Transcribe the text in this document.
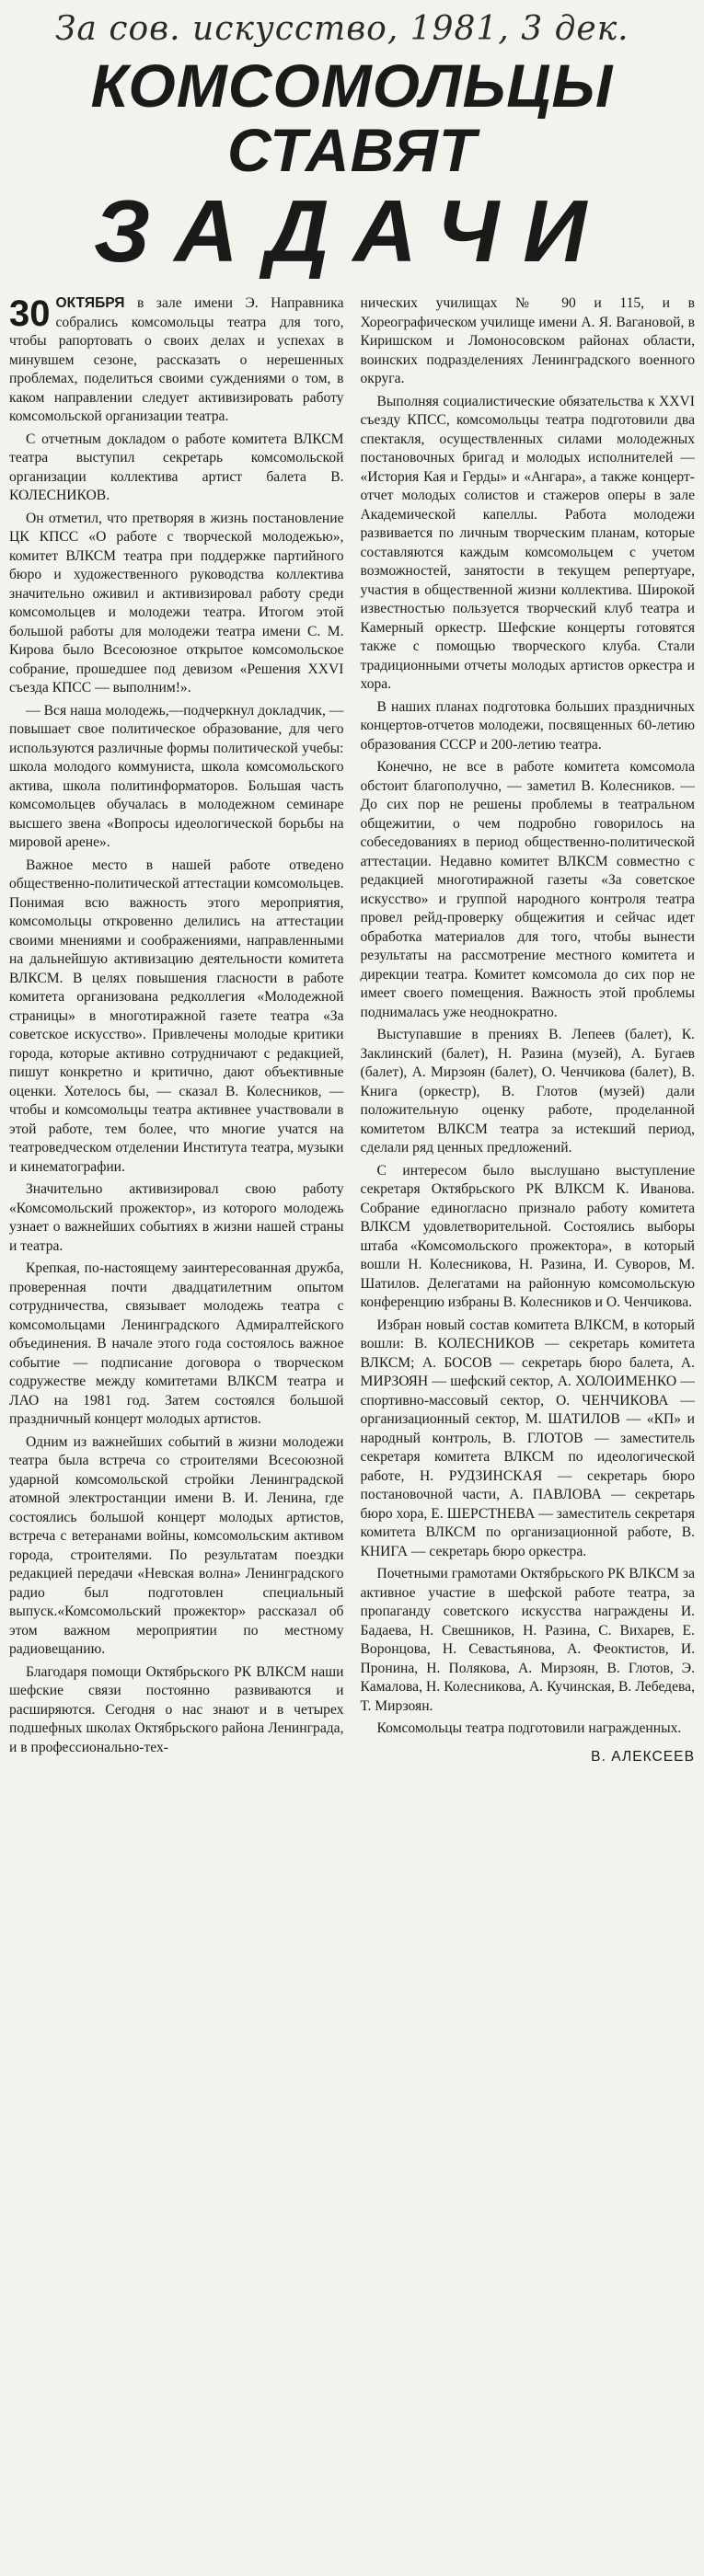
За сов. искусство, 1981, 3 дек.
КОМСОМОЛЬЦЫ СТАВЯТ
ЗАДАЧИ

30 ОКТЯБРЯ в зале имени Э. Направника собрались комсомольцы театра для того, чтобы рапортовать о своих делах и успехах в минувшем сезоне, рассказать о нерешенных проблемах, поделиться своими суждениями о том, в каком направлении следует активизировать работу комсомольской организации театра.

С отчетным докладом о работе комитета ВЛКСМ театра выступил секретарь комсомольской организации коллектива артист балета В. КОЛЕСНИКОВ.

Он отметил, что претворяя в жизнь постановление ЦК КПСС «О работе с творческой молодежью», комитет ВЛКСМ театра при поддержке партийного бюро и художественного руководства коллектива значительно оживил и активизировал работу среди комсомольцев и молодежи театра. Итогом этой большой работы для молодежи театра имени С. М. Кирова было Всесоюзное открытое комсомольское собрание, прошедшее под девизом «Решения XXVI съезда КПСС — выполним!».

— Вся наша молодежь,—подчеркнул докладчик, — повышает свое политическое образование, для чего используются различные формы политической учебы: школа молодого коммуниста, школа комсомольского актива, школа политинформаторов. Большая часть комсомольцев обучалась в молодежном семинаре высшего звена «Вопросы идеологической борьбы на мировой арене».

Важное место в нашей работе отведено общественно-политической аттестации комсомольцев. Понимая всю важность этого мероприятия, комсомольцы откровенно делились на аттестации своими мнениями и соображениями, направленными на дальнейшую активизацию деятельности комитета ВЛКСМ. В целях повышения гласности в работе комитета организована редколлегия «Молодежной страницы» в многотиражной газете театра «За советское искусство». Привлечены молодые критики города, которые активно сотрудничают с редакцией, пишут конкретно и критично, дают объективные оценки. Хотелось бы, — сказал В. Колесников, — чтобы и комсомольцы театра активнее участвовали в этой работе, тем более, что многие учатся на театроведческом отделении Института театра, музыки и кинематографии.

Значительно активизировал свою работу «Комсомольский прожектор», из которого молодежь узнает о важнейших событиях в жизни нашей страны и театра.

Крепкая, по-настоящему заинтересованная дружба, проверенная почти двадцатилетним опытом сотрудничества, связывает молодежь театра с комсомольцами Ленинградского Адмиралтейского объединения. В начале этого года состоялось важное событие — подписание договора о творческом содружестве между комитетами ВЛКСМ театра и ЛАО на 1981 год. Затем состоялся большой праздничный концерт молодых артистов.

Одним из важнейших событий в жизни молодежи театра была встреча со строителями Всесоюзной ударной комсомольской стройки Ленинградской атомной электростанции имени В. И. Ленина, где состоялись большой концерт молодых артистов, встреча с ветеранами войны, комсомольским активом города, строителями. По результатам поездки редакцией передачи «Невская волна» Ленинградского радио был подготовлен специальный выпуск.«Комсомольский прожектор» рассказал об этом важном мероприятии по местному радиовещанию.

Благодаря помощи Октябрьского РК ВЛКСМ наши шефские связи постоянно развиваются и расширяются. Сегодня о нас знают и в четырех подшефных школах Октябрьского района Ленинграда, и в профессионально-тех-

нических училищах № 90 и 115, и в Хореографическом училище имени А. Я. Вагановой, в Киришском и Ломоносовском районах области, воинских подразделениях Ленинградского военного округа.

Выполняя социалистические обязательства к XXVI съезду КПСС, комсомольцы театра подготовили два спектакля, осуществленных силами молодежных постановочных бригад и молодых исполнителей — «История Кая и Герды» и «Ангара», а также концерт-отчет молодых солистов и стажеров оперы в зале Академической капеллы. Работа молодежи развивается по личным творческим планам, которые составляются каждым комсомольцем с учетом возможностей, занятости в текущем репертуаре, участия в общественной жизни коллектива. Широкой известностью пользуется творческий клуб театра и Камерный оркестр. Шефские концерты готовятся также с помощью творческого клуба. Стали традиционными отчеты молодых артистов оркестра и хора.

В наших планах подготовка больших праздничных концертов-отчетов молодежи, посвященных 60-летию образования СССР и 200-летию театра.

Конечно, не все в работе комитета комсомола обстоит благополучно, — заметил В. Колесников. — До сих пор не решены проблемы в театральном общежитии, о чем подробно говорилось на собеседованиях в период общественно-политической аттестации. Недавно комитет ВЛКСМ совместно с редакцией многотиражной газеты «За советское искусство» и группой народного контроля театра провел рейд-проверку общежития и сейчас идет обработка материалов для того, чтобы вынести результаты на рассмотрение местного комитета и дирекции театра. Комитет комсомола до сих пор не имеет своего помещения. Важность этой проблемы поднималась уже неоднократно.

Выступавшие в прениях В. Лепеев (балет), К. Заклинский (балет), Н. Разина (музей), А. Бугаев (балет), А. Мирзоян (балет), О. Ченчикова (балет), В. Книга (оркестр), В. Глотов (музей) дали положительную оценку работе, проделанной комитетом ВЛКСМ театра за истекший период, сделали ряд ценных предложений.

С интересом было выслушано выступление секретаря Октябрьского РК ВЛКСМ К. Иванова. Собрание единогласно признало работу комитета ВЛКСМ удовлетворительной. Состоялись выборы штаба «Комсомольского прожектора», в который вошли Н. Колесникова, Н. Разина, И. Суворов, М. Шатилов. Делегатами на районную комсомольскую конференцию избраны В. Колесников и О. Ченчикова.

Избран новый состав комитета ВЛКСМ, в который вошли: В. КОЛЕСНИКОВ — секретарь комитета ВЛКСМ; А. БОСОВ — секретарь бюро балета, А. МИРЗОЯН — шефский сектор, А. ХОЛОИМЕНКО — спортивно-массовый сектор, О. ЧЕНЧИКОВА — организационный сектор, М. ШАТИЛОВ — «КП» и народный контроль, В. ГЛОТОВ — заместитель секретаря комитета ВЛКСМ по идеологической работе, Н. РУДЗИНСКАЯ — секретарь бюро постановочной части, А. ПАВЛОВА — секретарь бюро хора, Е. ШЕРСТНЕВА — заместитель секретаря комитета ВЛКСМ по организационной работе, В. КНИГА — секретарь бюро оркестра.

Почетными грамотами Октябрьского РК ВЛКСМ за активное участие в шефской работе театра, за пропаганду советского искусства награждены И. Бадаева, Н. Свешников, Н. Разина, С. Вихарев, Е. Воронцова, Н. Севастьянова, А. Феоктистов, И. Пронина, Н. Полякова, А. Мирзоян, В. Глотов, Э. Камалова, Н. Колесникова, А. Кучинская, В. Лебедева, Т. Мирзоян.

Комсомольцы театра подготовили награжденных.

В. АЛЕКСЕЕВ
